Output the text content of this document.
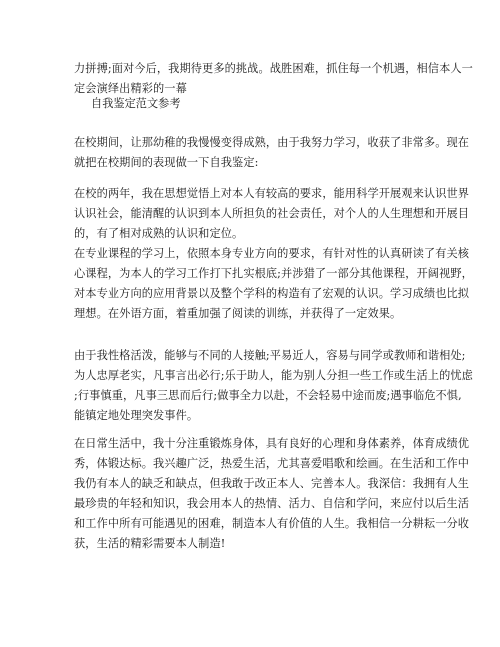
力拼搏;面对今后，我期待更多的挑战。战胜困难，抓住每一个机遇，相信本人一
定会演绎出精彩的一幕
自我鉴定范文参考
在校期间，让那幼稚的我慢慢变得成熟，由于我努力学习，收获了非常多。现在
就把在校期间的表现做一下自我鉴定:
在校的两年，我在思想觉悟上对本人有较高的要求，能用科学开展观来认识世界
认识社会，能清醒的认识到本人所担负的社会责任，对个人的人生理想和开展目
的，有了相对成熟的认识和定位。
在专业课程的学习上，依照本身专业方向的要求，有针对性的认真研读了有关核
心课程，为本人的学习工作打下扎实根底;并涉猎了一部分其他课程，开阔视野，
对本专业方向的应用背景以及整个学科的构造有了宏观的认识。学习成绩也比拟
理想。在外语方面，着重加强了阅读的训练，并获得了一定效果。
由于我性格活泼，能够与不同的人接触;平易近人，容易与同学或教师和谐相处;
为人忠厚老实，凡事言出必行;乐于助人，能为别人分担一些工作或生活上的忧虑
;行事慎重，凡事三思而后行;做事全力以赴，不会轻易中途而废;遇事临危不惧,
能镇定地处理突发事件。
在日常生活中，我十分注重锻炼身体，具有良好的心理和身体素养，体育成绩优
秀，体锻达标。我兴趣广泛，热爱生活，尤其喜爱唱歌和绘画。在生活和工作中
我仍有本人的缺乏和缺点，但我敢于改正本人、完善本人。我深信：我拥有人生
最珍贵的年轻和知识，我会用本人的热情、活力、自信和学问，来应付以后生活
和工作中所有可能遇见的困难，制造本人有价值的人生。我相信一分耕耘一分收
获，生活的精彩需要本人制造!
